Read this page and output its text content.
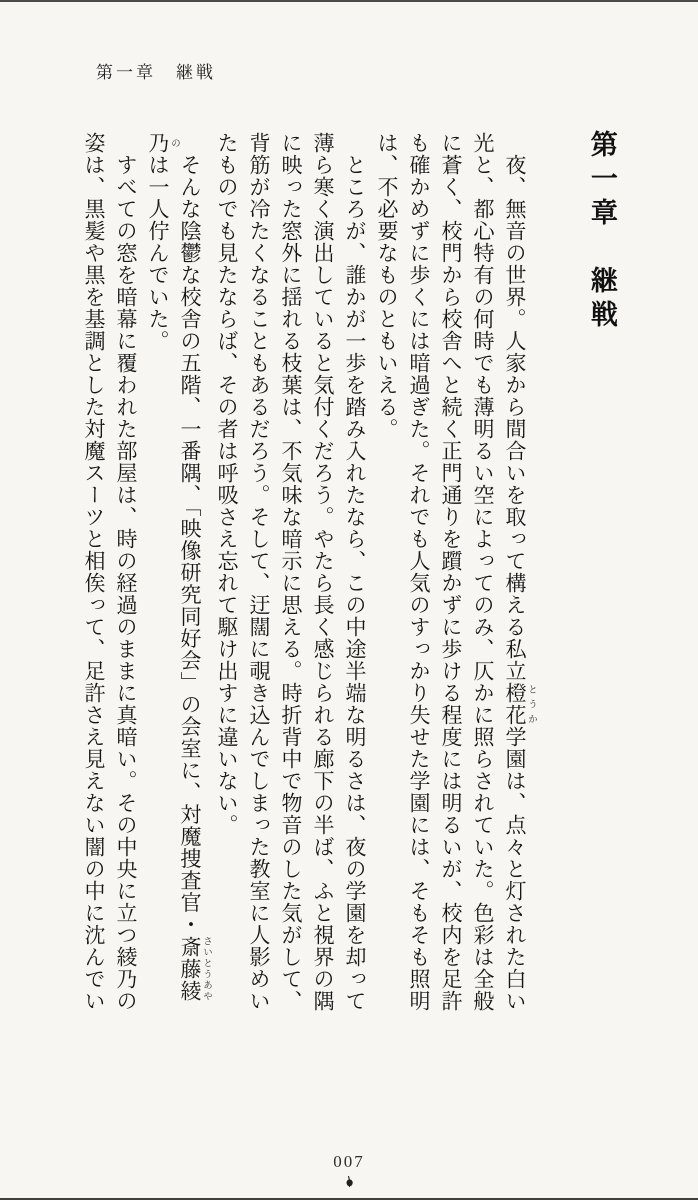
第一章　継戦
第一章　継戦

夜、無音の世界。人家から間合いを取って構える私立橙花 とうか学園は、点々と灯された白い光と、都心特有の何時でも薄明るい空によってのみ、仄かに照らされていた。色彩は全般に蒼く、校門から校舎へと続く正門通りを躓かずに歩ける程度には明るいが、校内を足許も確かめずに歩くには暗過ぎた。それでも人気のすっかり失せた学園には、そもそも照明は、不必要なものともいえる。

ところが、誰かが一歩を踏み入れたなら、この中途半端な明るさは、夜の学園を却って薄ら寒く演出していると気付くだろう。やたら長く感じられる廊下の半ば、ふと視界の隅に映った窓外に揺れる枝葉は、不気味な暗示に思える。時折背中で物音のした気がして、背筋が冷たくなることもあるだろう。そして、迂闊に覗き込んでしまった教室に人影めいたものでも見たならば、その者は呼吸さえ忘れて駆け出すに違いない。

そんな陰鬱な校舎の五階、一番隅、「映像研究同好会」の会室に、対魔捜査官・斎藤 さいとう綾 あや乃 のは一人佇んでいた。

すべての窓を暗幕に覆われた部屋は、時の経過のままに真暗い。その中央に立つ綾乃の姿は、黒髪や黒を基調とした対魔スーツと相俟って、足許さえ見えない闇の中に沈んでい

007
